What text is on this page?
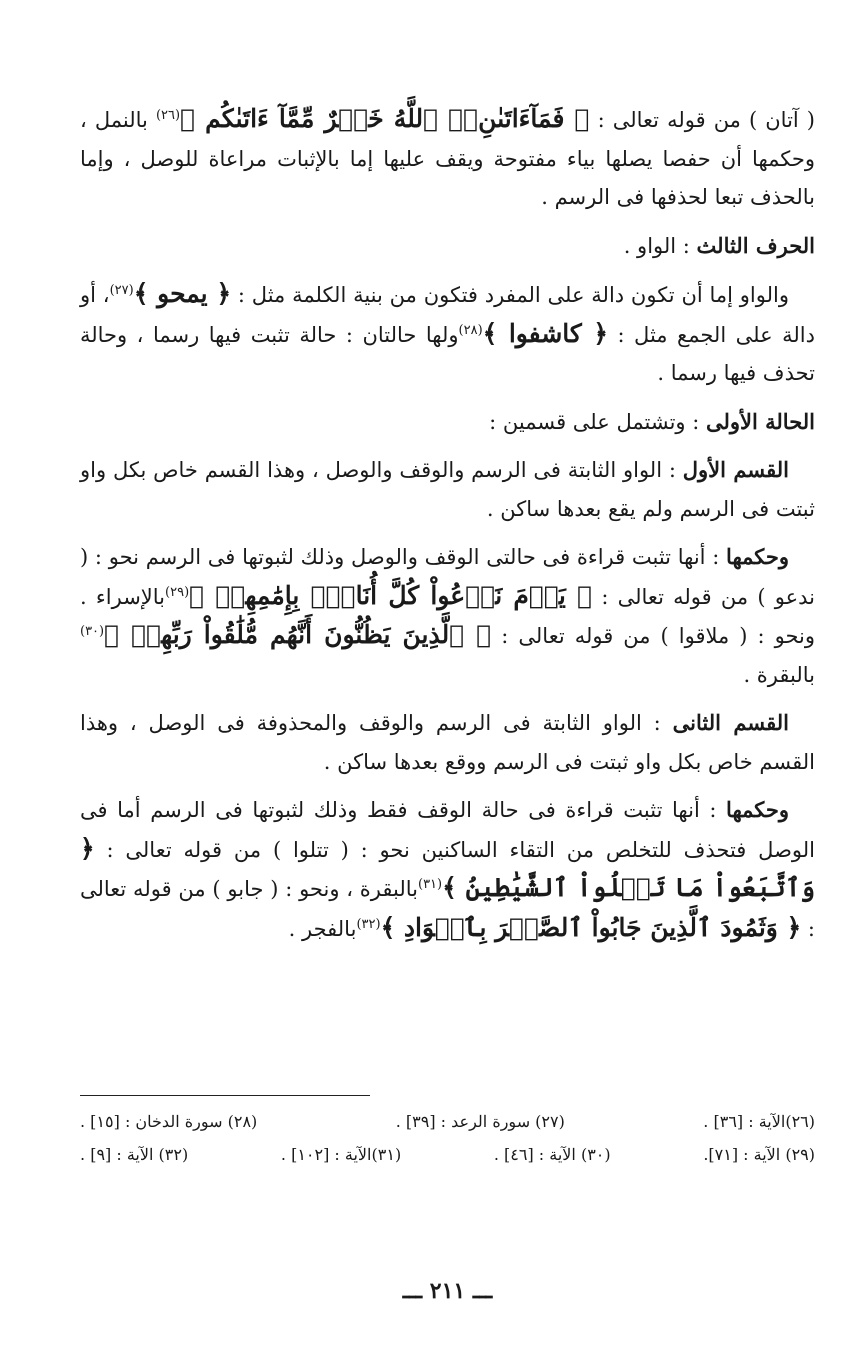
( آتان ) من قوله تعالى : ﴿ فَمَآءَاتَىٰنِۦَ ٱللَّهُ خَيۡرٌ مِّمَّآ ءَاتَىٰكُم ﴾$^{(٢٦)}$ بالنمل ، وحكمها أن حفصا يصلها بياء مفتوحة ويقف عليها إما بالإثبات مراعاة للوصل ، وإما بالحذف تبعا لحذفها فى الرسم .

الحرف الثالث : الواو .

والواو إما أن تكون دالة على المفرد فتكون من بنية الكلمة مثل : ﴿ يمحو ﴾$^{(٢٧)}$، أو دالة على الجمع مثل : ﴿ كاشفوا ﴾$^{(٢٨)}$ولها حالتان : حالة تثبت فيها رسما ، وحالة تحذف فيها رسما .

الحالة الأولى : وتشتمل على قسمين :

القسم الأول : الواو الثابتة فى الرسم والوقف والوصل ، وهذا القسم خاص بكل واو ثبتت فى الرسم ولم يقع بعدها ساكن .

وحكمها : أنها تثبت قراءة فى حالتى الوقف والوصل وذلك لثبوتها فى الرسم نحو : ( ندعو ) من قوله تعالى : ﴿ يَوۡمَ نَدۡعُواْ كُلَّ أُنَاسِۭ بِإِمَٰمِهِمۡ ﴾$^{(٢٩)}$بالإسراء . ونحو : ( ملاقوا ) من قوله تعالى : ﴿ ٱلَّذِينَ يَظُنُّونَ أَنَّهُم مُّلَٰقُواْ رَبِّهِمۡ ﴾$^{(٣٠)}$ بالبقرة .

القسم الثانى : الواو الثابتة فى الرسم والوقف والمحذوفة فى الوصل ، وهذا القسم خاص بكل واو ثبتت فى الرسم ووقع بعدها ساكن .

وحكمها : أنها تثبت قراءة فى حالة الوقف فقط وذلك لثبوتها فى الرسم أما فى الوصل فتحذف للتخلص من التقاء الساكنين نحو : ( تتلوا ) من قوله تعالى : ﴿ وَٱتَّبَعُواْ مَا تَتۡلُواْ ٱلشَّيَٰطِينُ ﴾$^{(٣١)}$بالبقرة ، ونحو : ( جابو ) من قوله تعالى : ﴿ وَثَمُودَ ٱلَّذِينَ جَابُواْ ٱلصَّخۡرَ بِٱلۡوَادِ ﴾$^{(٣٢)}$بالفجر .

(٢٦)الآية : [٣٦] .
(٢٧) سورة الرعد : [٣٩] .
(٢٨) سورة الدخان : [١٥] .
(٢٩) الآية : [٧١].
(٣٠) الآية : [٤٦] .
(٣١)الآية : [١٠٢] .
(٣٢) الآية : [٩] .
ـــ ٢١١ ـــ
